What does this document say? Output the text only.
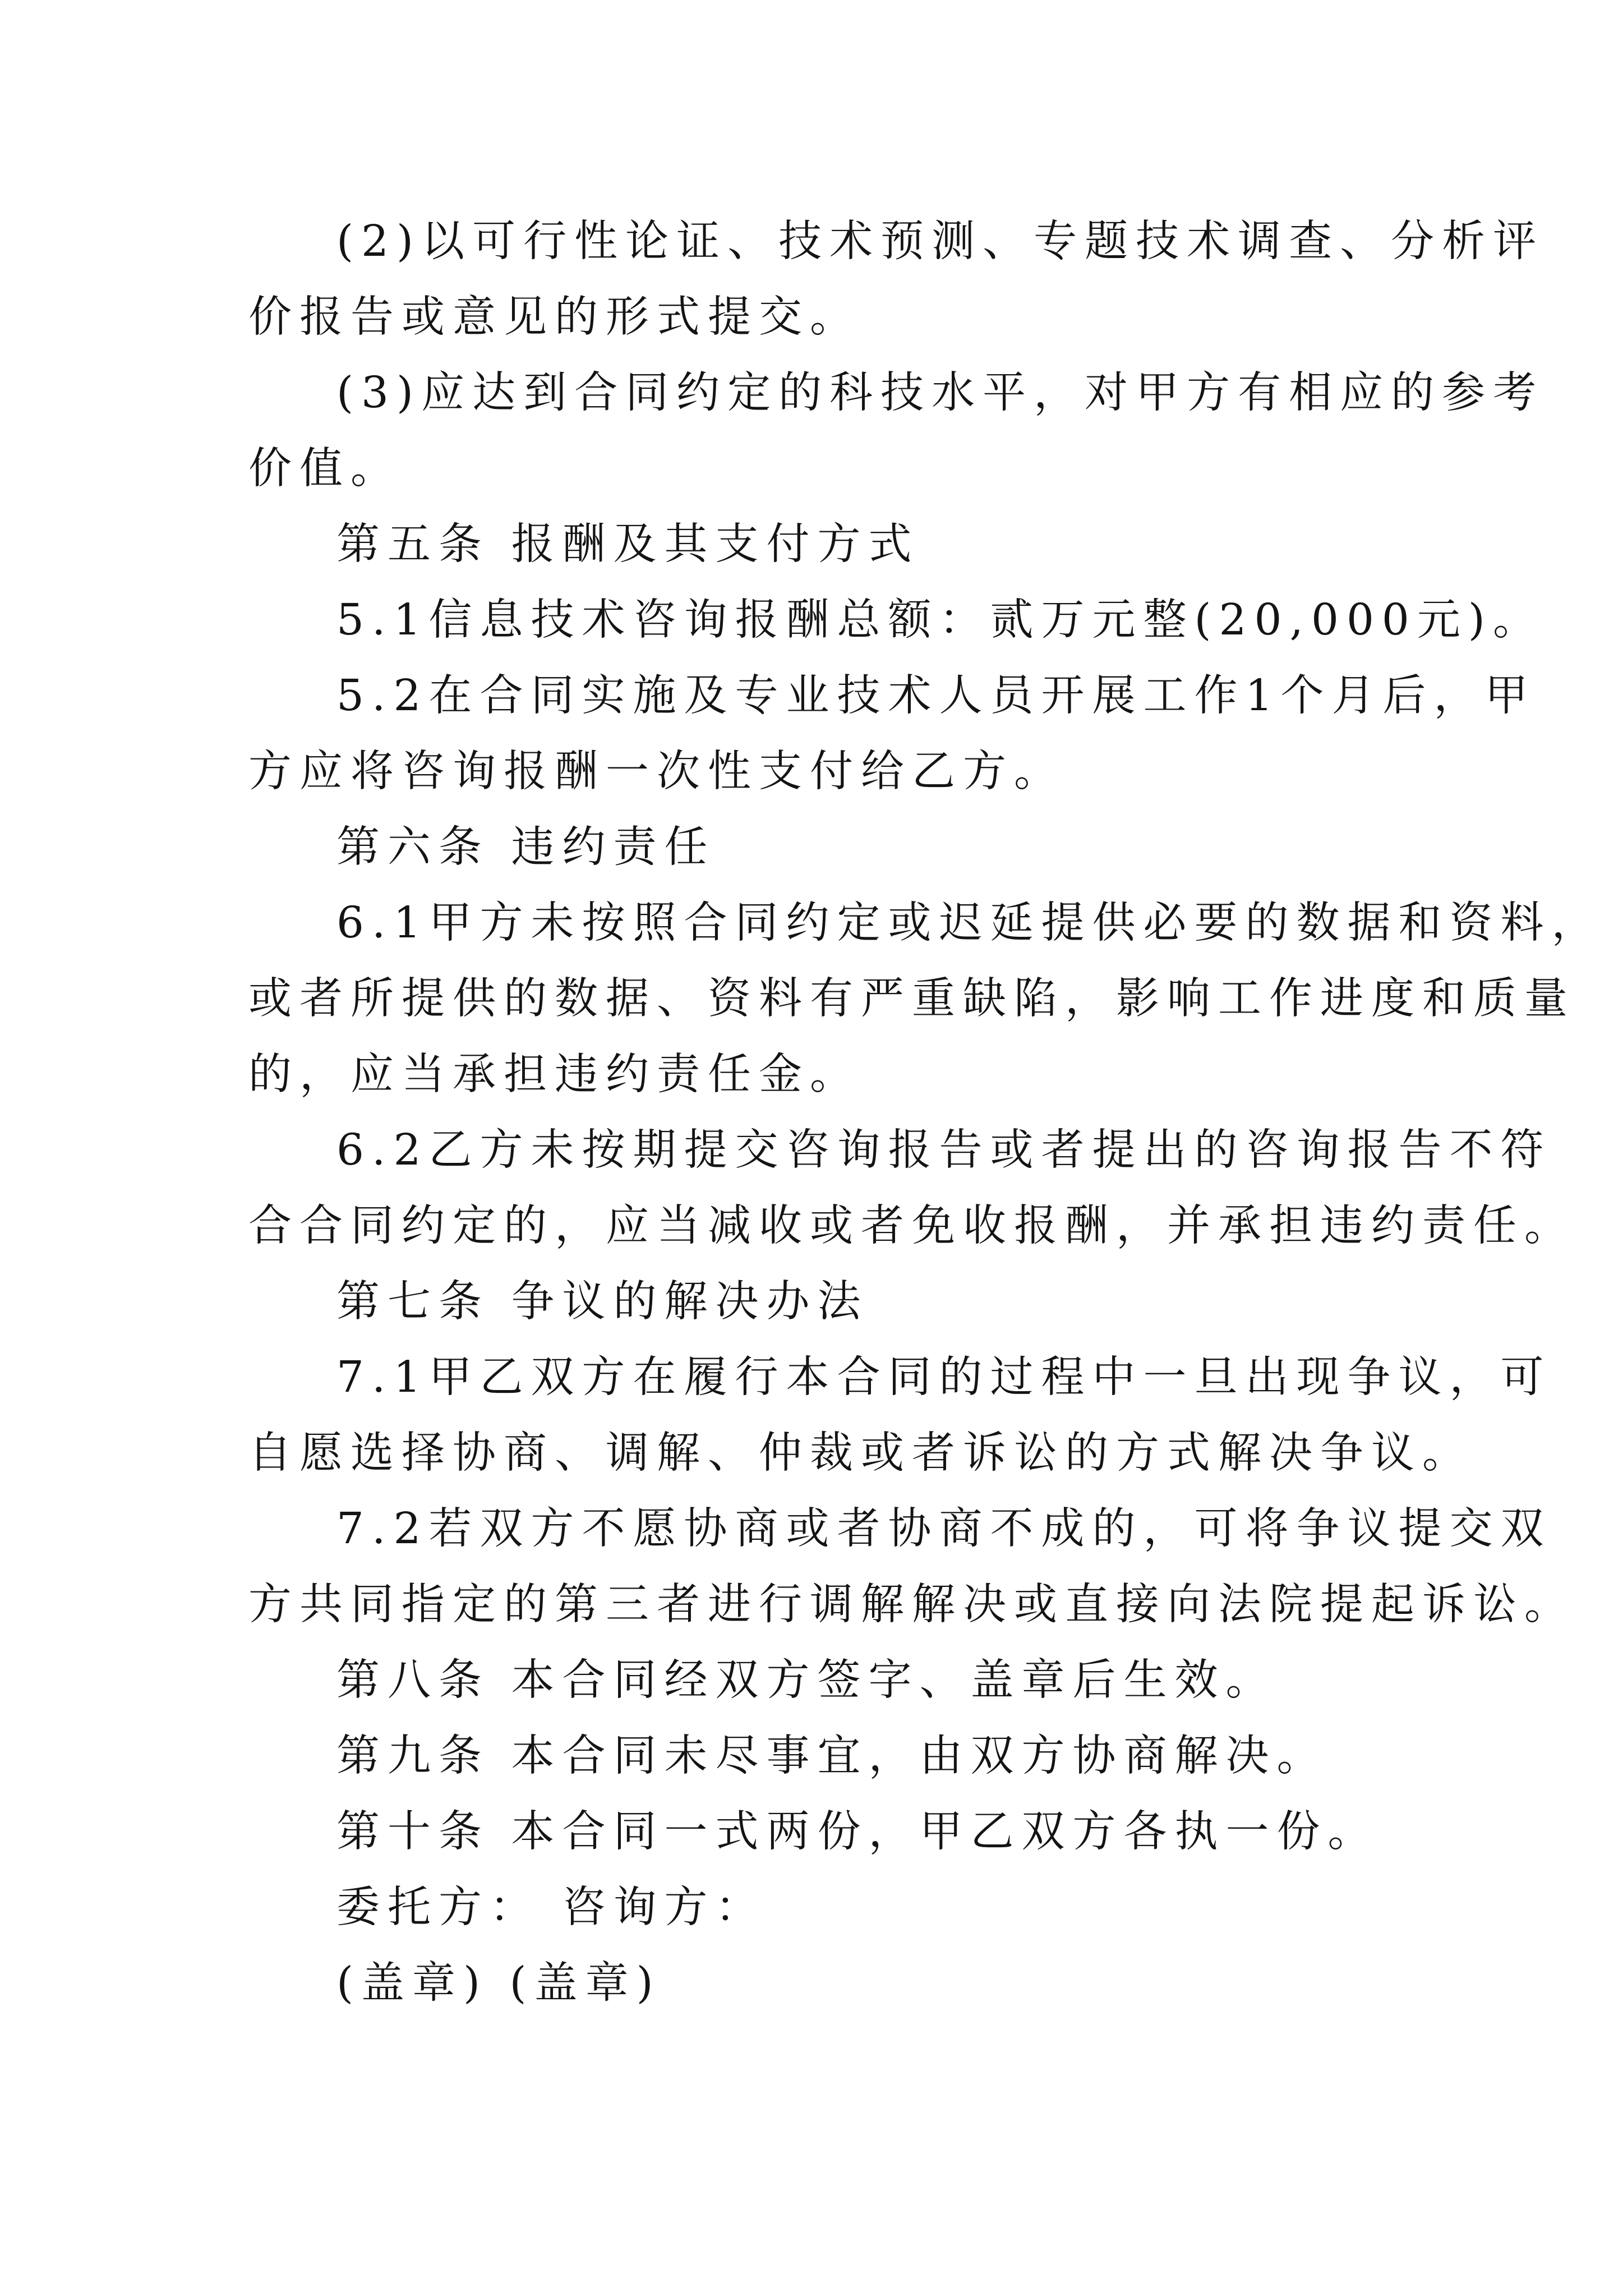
(2)以可行性论证、技术预测、专题技术调查、分析评

价报告或意见的形式提交。

(3)应达到合同约定的科技水平，对甲方有相应的参考

价值。

第五条 报酬及其支付方式

5.1信息技术咨询报酬总额：贰万元整(20,000元)。

5.2在合同实施及专业技术人员开展工作1个月后，甲

方应将咨询报酬一次性支付给乙方。

第六条 违约责任

6.1甲方未按照合同约定或迟延提供必要的数据和资料，

或者所提供的数据、资料有严重缺陷，影响工作进度和质量

的，应当承担违约责任金。

6.2乙方未按期提交咨询报告或者提出的咨询报告不符

合合同约定的，应当减收或者免收报酬，并承担违约责任。

第七条 争议的解决办法

7.1甲乙双方在履行本合同的过程中一旦出现争议，可

自愿选择协商、调解、仲裁或者诉讼的方式解决争议。

7.2若双方不愿协商或者协商不成的，可将争议提交双

方共同指定的第三者进行调解解决或直接向法院提起诉讼。

第八条 本合同经双方签字、盖章后生效。

第九条 本合同未尽事宜，由双方协商解决。

第十条 本合同一式两份，甲乙双方各执一份。

委托方： 咨询方：

(盖章) (盖章)
